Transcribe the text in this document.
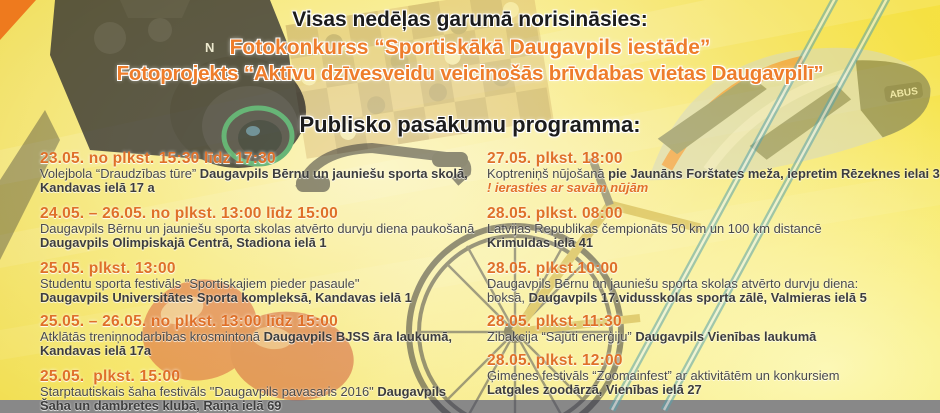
ABUS
N
Visas nedēļas garumā norisināsies:
Fotokonkurss “Sportiskākā Daugavpils iestāde”
Fotoprojekts “Aktīvu dzīvesveidu veicinošās brīvdabas vietas Daugavpilī”
Publisko pasākumu programma:
23.05. no plkst. 15:30 līdz 17:30
Volejbola “Draudzības tūre” Daugavpils Bērnu un jauniešu sporta skolā,
Kandavas ielā 17 a
24.05. – 26.05. no plkst. 13:00 līdz 15:00
Daugavpils Bērnu un jauniešu sporta skolas atvērto durvju diena paukošanā
Daugavpils Olimpiskajā Centrā, Stadiona ielā 1
25.05. plkst. 13:00
Studentu sporta festivāls "Sportiskajiem pieder pasaule"
Daugavpils Universitātes Sporta kompleksā, Kandavas ielā 1
25.05. – 26.05. no plkst. 13:00 līdz 15:00
Atklātās treniņnodarbības krosmintonā Daugavpils BJSS āra laukumā,
Kandavas ielā 17a
25.05.  plkst. 15:00
Starptautiskais šaha festivāls "Daugavpils pavasaris 2016" Daugavpils
Šaha un dambretes klubā, Raiņa ielā 69
27.05. plkst. 18:00
Koptreniņš nūjošanā pie Jaunāns Forštates meža, iepretim Rēzeknes ielai 3
! ierasties ar savām nūjām
28.05. plkst. 08:00
Latvijas Republikas čempionāts 50 km un 100 km distancē
Krimuldas ielā 41
28.05. plkst.10:00
Daugavpils Bērnu un jauniešu sporta skolas atvērto durvju diena:
boksā, Daugavpils 17.vidusskolas sporta zālē, Valmieras ielā 5
28.05. plkst. 11:30
Zibakcija “Sajūti enerģiju” Daugavpils Vienības laukumā
28.05. plkst. 12:00
Ģimenes festivāls “Zoomainfest” ar aktivitātēm un konkursiem
Latgales zoodārzā, Vienības ielā 27
